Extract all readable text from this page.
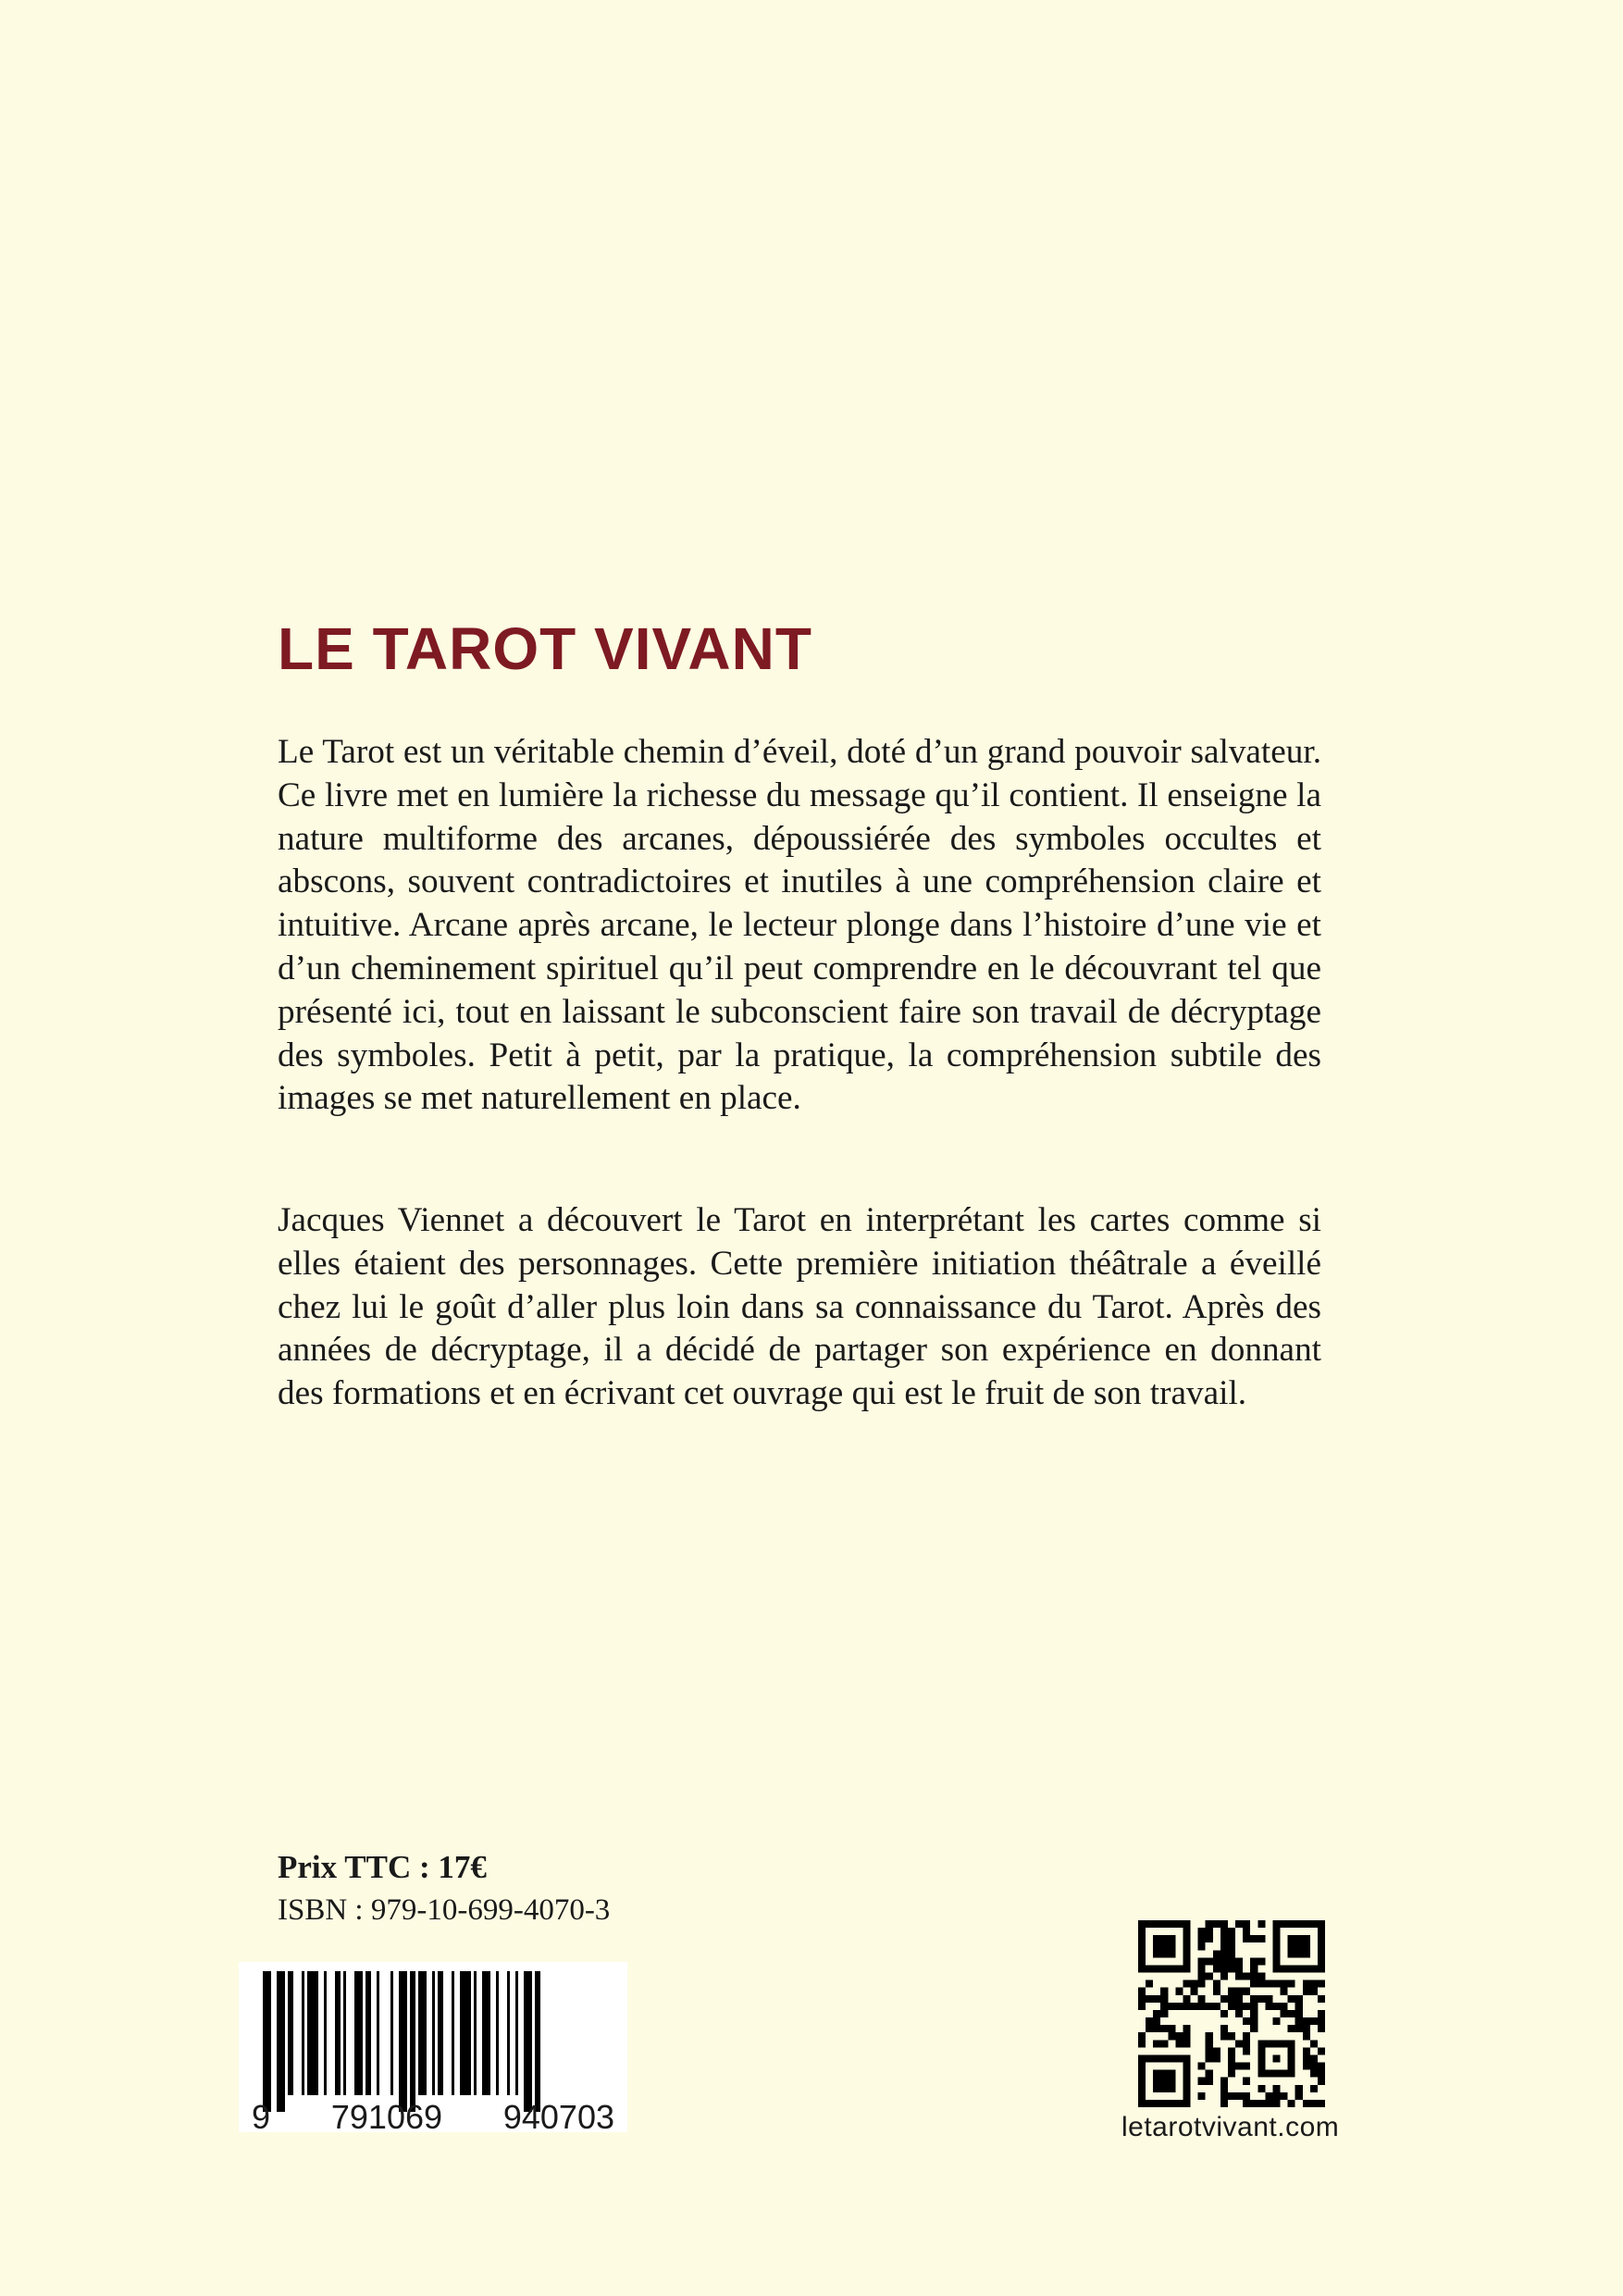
LE TAROT VIVANT

Le Tarot est un véritable chemin d’éveil, doté d’un grand pouvoir salvateur. Ce livre met en lumière la richesse du message qu’il contient. Il enseigne la nature multiforme des arcanes, dépoussiérée des symboles occultes et abscons, souvent contradictoires et inutiles à une compréhension claire et intuitive. Arcane après arcane, le lecteur plonge dans l’histoire d’une vie et d’un cheminement spirituel qu’il peut comprendre en le découvrant tel que présenté ici, tout en laissant le subconscient faire son travail de décryptage des symboles. Petit à petit, par la pratique, la compréhension subtile des images se met naturellement en place.

Jacques Viennet a découvert le Tarot en interprétant les cartes comme si elles étaient des personnages. Cette première initiation théâtrale a éveillé chez lui le goût d’aller plus loin dans sa connaissance du Tarot. Après des années de décryptage, il a décidé de partager son expérience en donnant des formations et en écrivant cet ouvrage qui est le fruit de son travail.

Prix TTC : 17€
ISBN : 979-10-699-4070-3
9 791069 940703	letarotvivant.com
